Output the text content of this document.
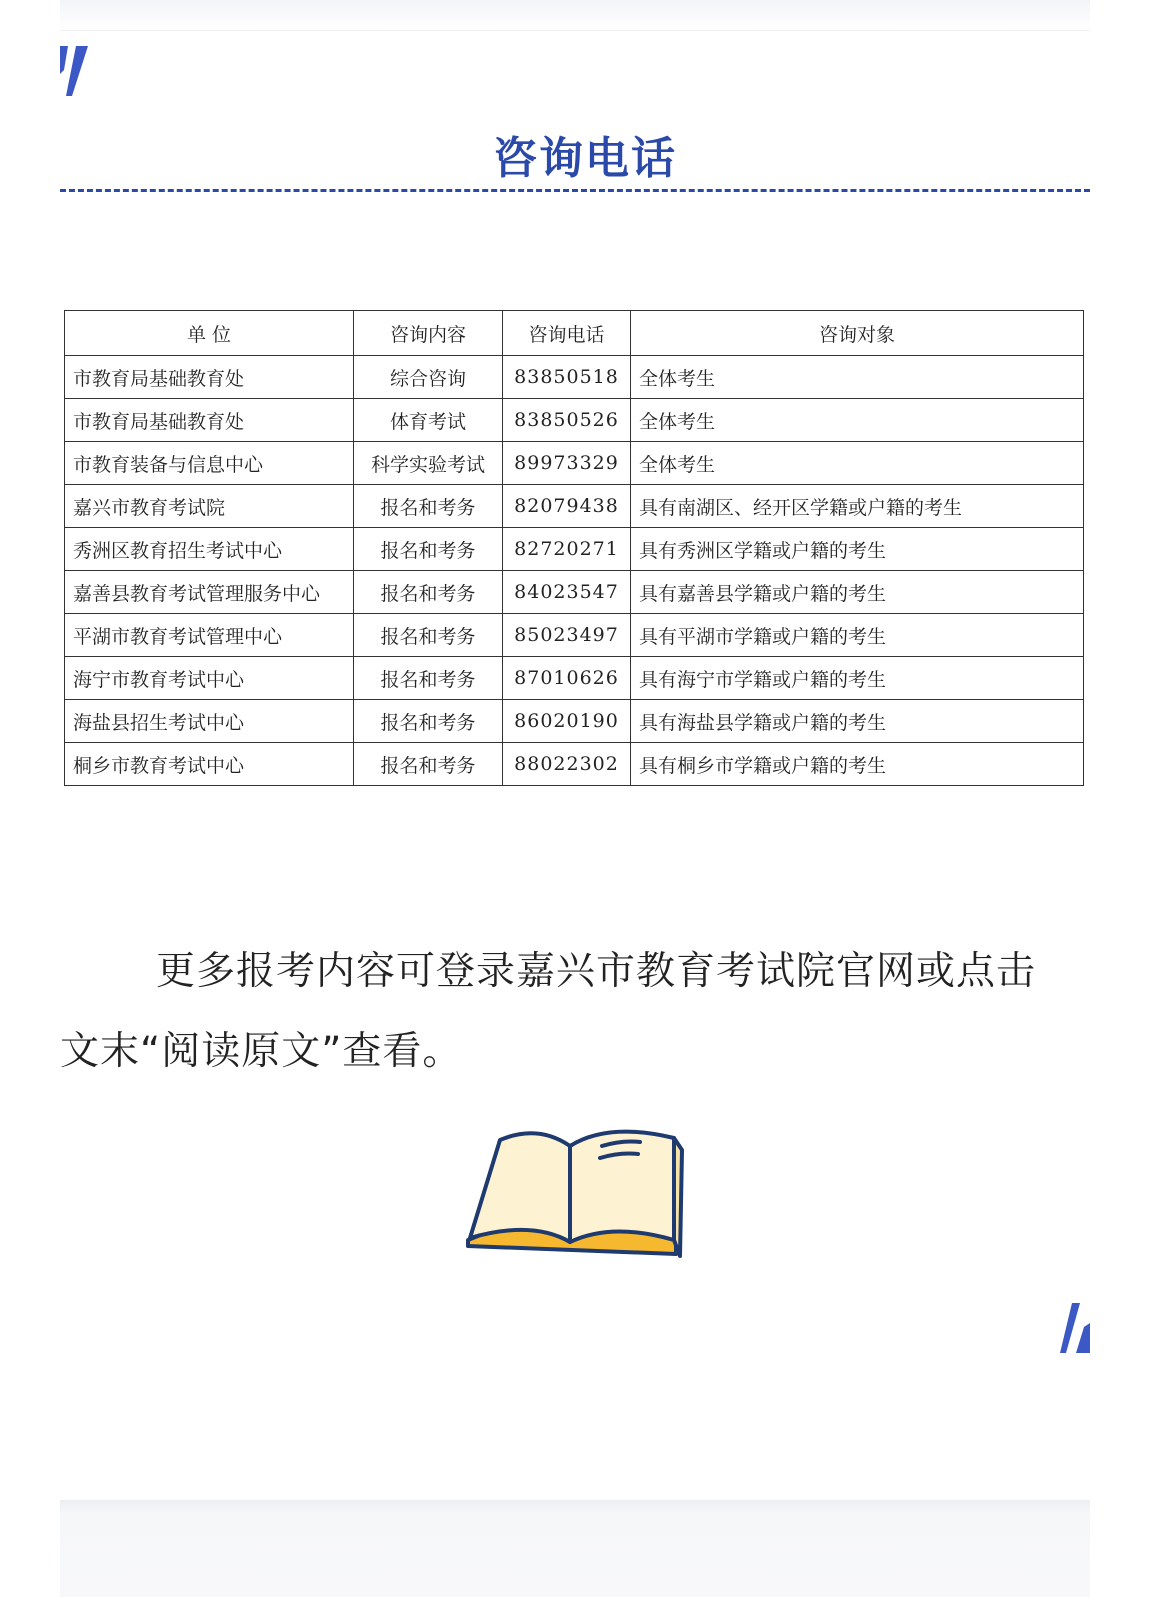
咨询电话
单 位	咨询内容	咨询电话	咨询对象
市教育局基础教育处	综合咨询	83850518	全体考生
市教育局基础教育处	体育考试	83850526	全体考生
市教育装备与信息中心	科学实验考试	89973329	全体考生
嘉兴市教育考试院	报名和考务	82079438	具有南湖区、经开区学籍或户籍的考生
秀洲区教育招生考试中心	报名和考务	82720271	具有秀洲区学籍或户籍的考生
嘉善县教育考试管理服务中心	报名和考务	84023547	具有嘉善县学籍或户籍的考生
平湖市教育考试管理中心	报名和考务	85023497	具有平湖市学籍或户籍的考生
海宁市教育考试中心	报名和考务	87010626	具有海宁市学籍或户籍的考生
海盐县招生考试中心	报名和考务	86020190	具有海盐县学籍或户籍的考生
桐乡市教育考试中心	报名和考务	88022302	具有桐乡市学籍或户籍的考生
更多报考内容可登录嘉兴市教育考试院官网或点击文末“阅读原文”查看。
